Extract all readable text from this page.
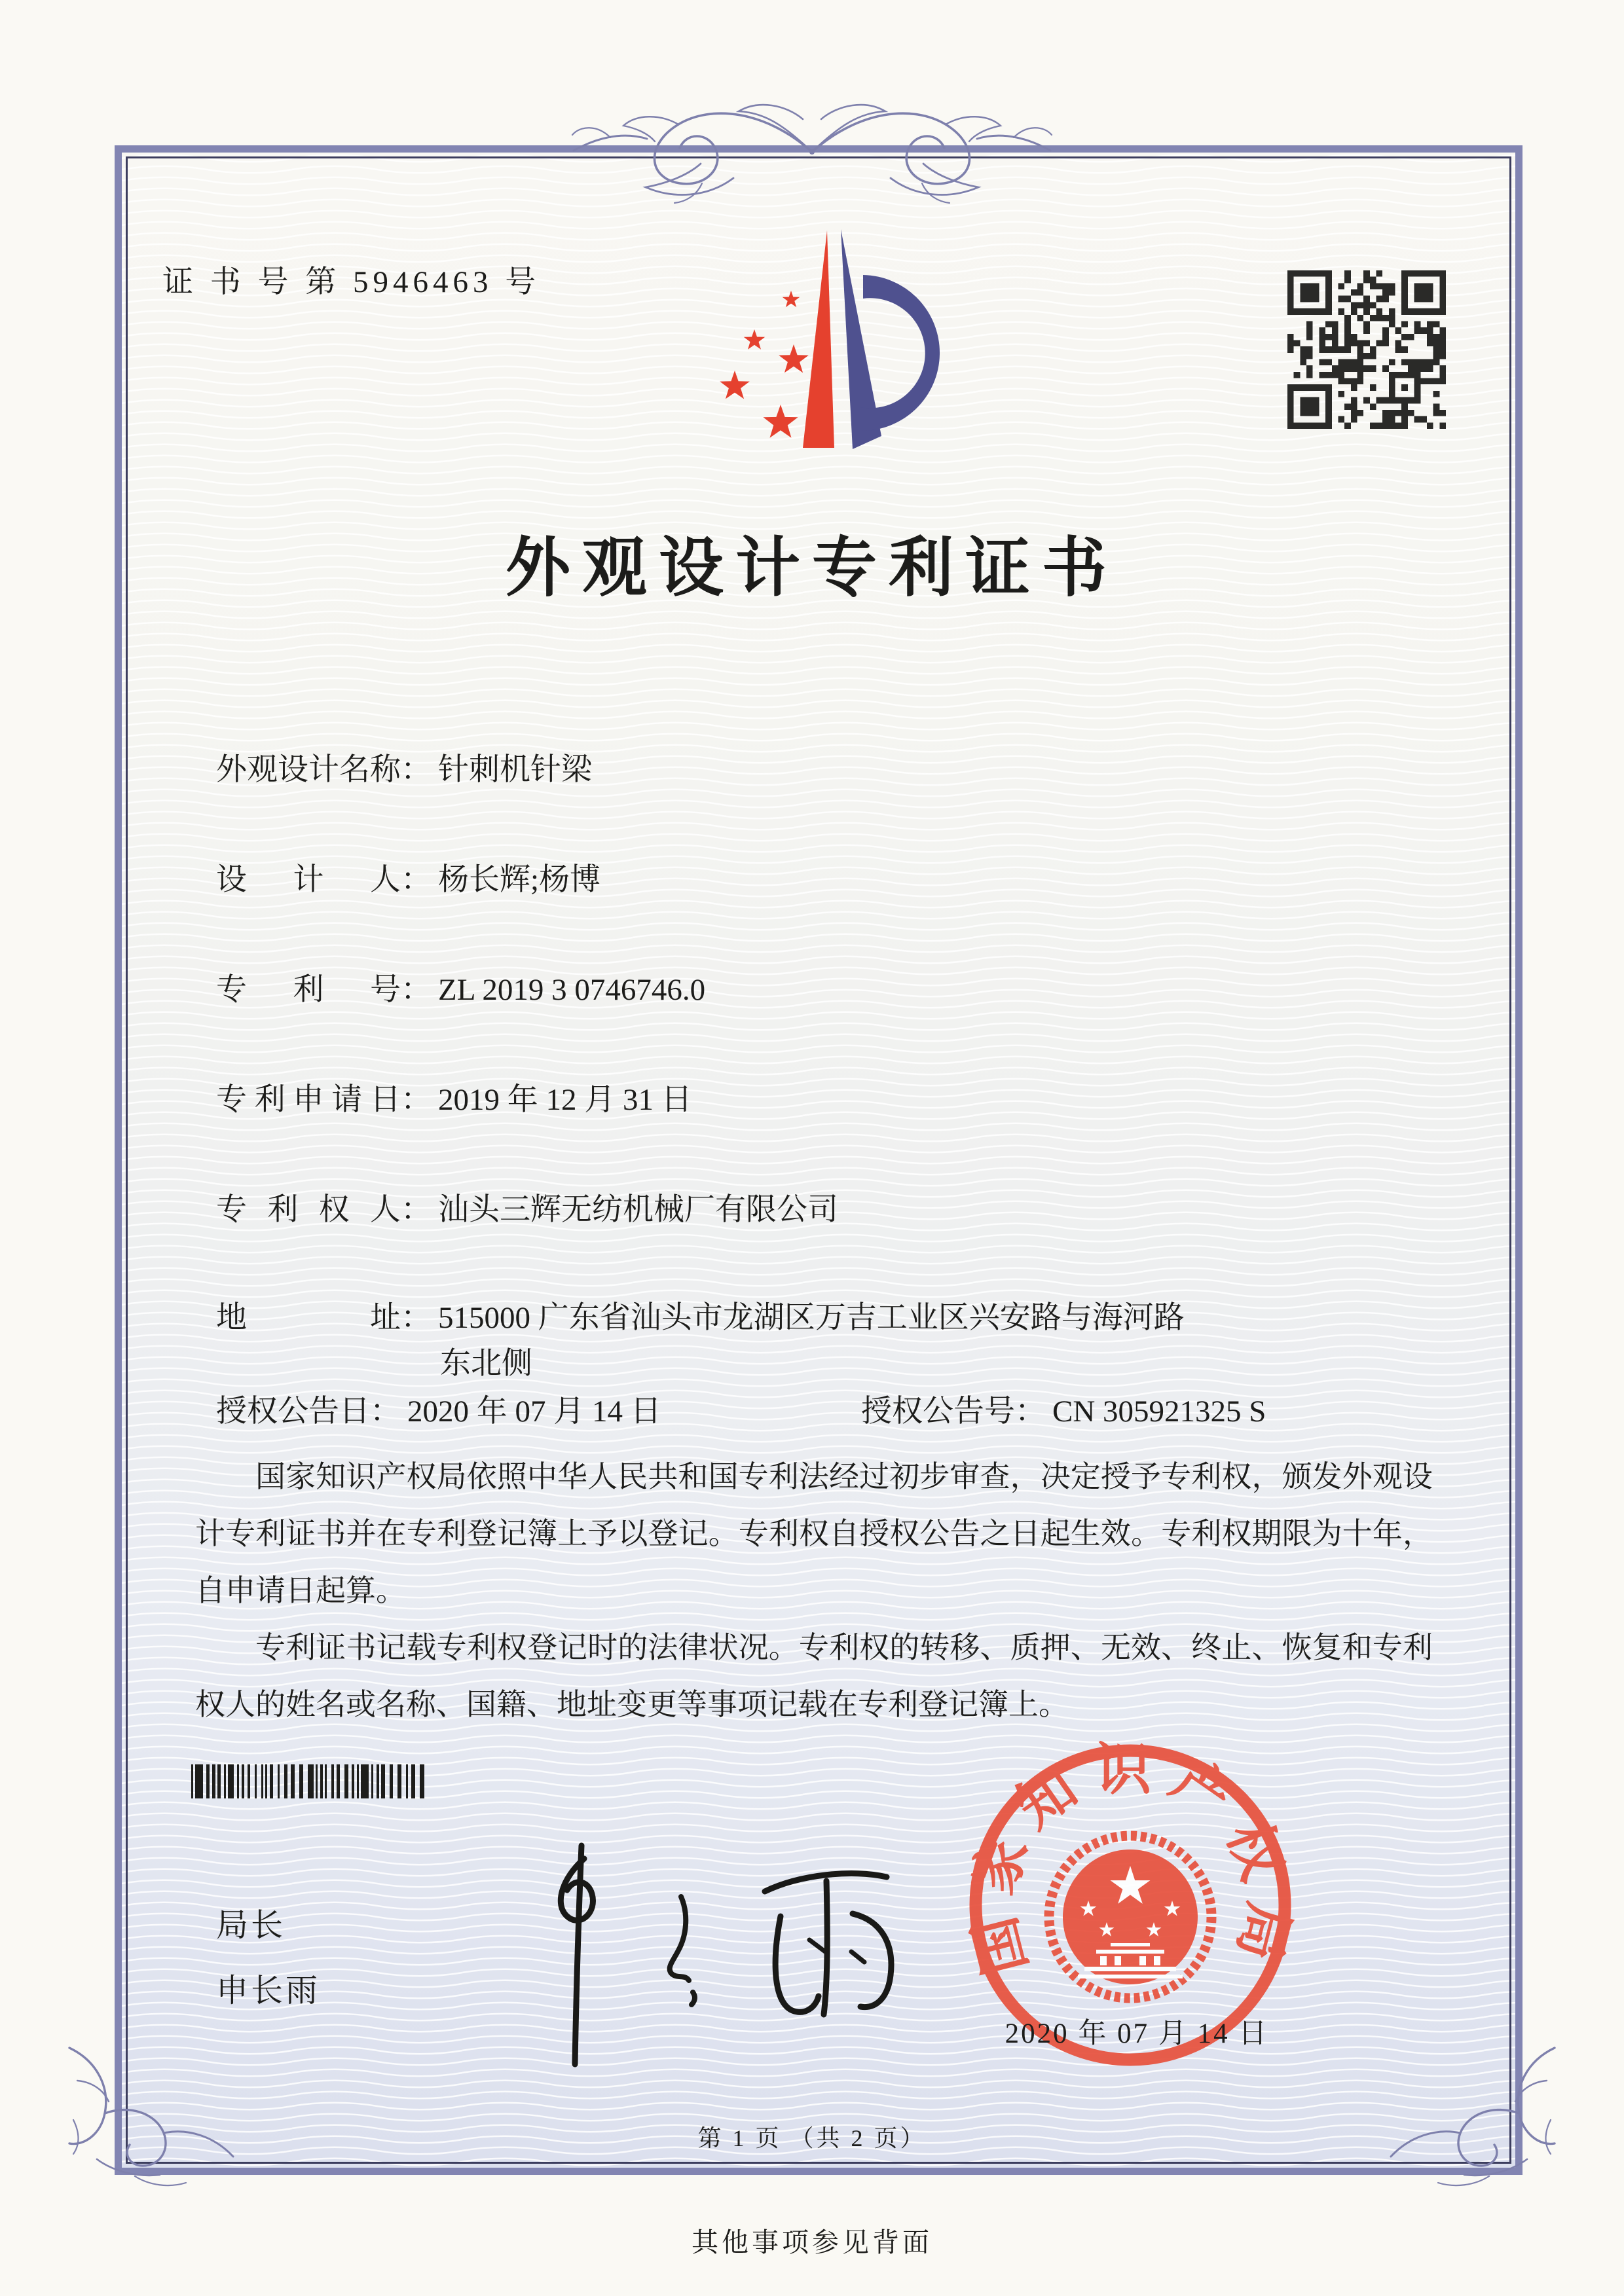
证 书 号 第 5946463 号
外观设计专利证书
外观设计名称： 针刺机针梁
设计人： 杨长辉;杨博
专利号： ZL 2019 3 0746746.0
专利申请日： 2019 年 12 月 31 日
专利权人： 汕头三辉无纺机械厂有限公司
地址： 515000 广东省汕头市龙湖区万吉工业区兴安路与海河路
东北侧
授权公告日： 2020 年 07 月 14 日	授权公告号： CN 305921325 S

国家知识产权局依照中华人民共和国专利法经过初步审查，决定授予专利权，颁发外观设计专利证书并在专利登记簿上予以登记。专利权自授权公告之日起生效。专利权期限为十年，自申请日起算。

专利证书记载专利权登记时的法律状况。专利权的转移、质押、无效、终止、恢复和专利权人的姓名或名称、国籍、地址变更等事项记载在专利登记簿上。

局长
申长雨
国家知识产权局
2020 年 07 月 14 日
第 1 页 （共 2 页）
其他事项参见背面
